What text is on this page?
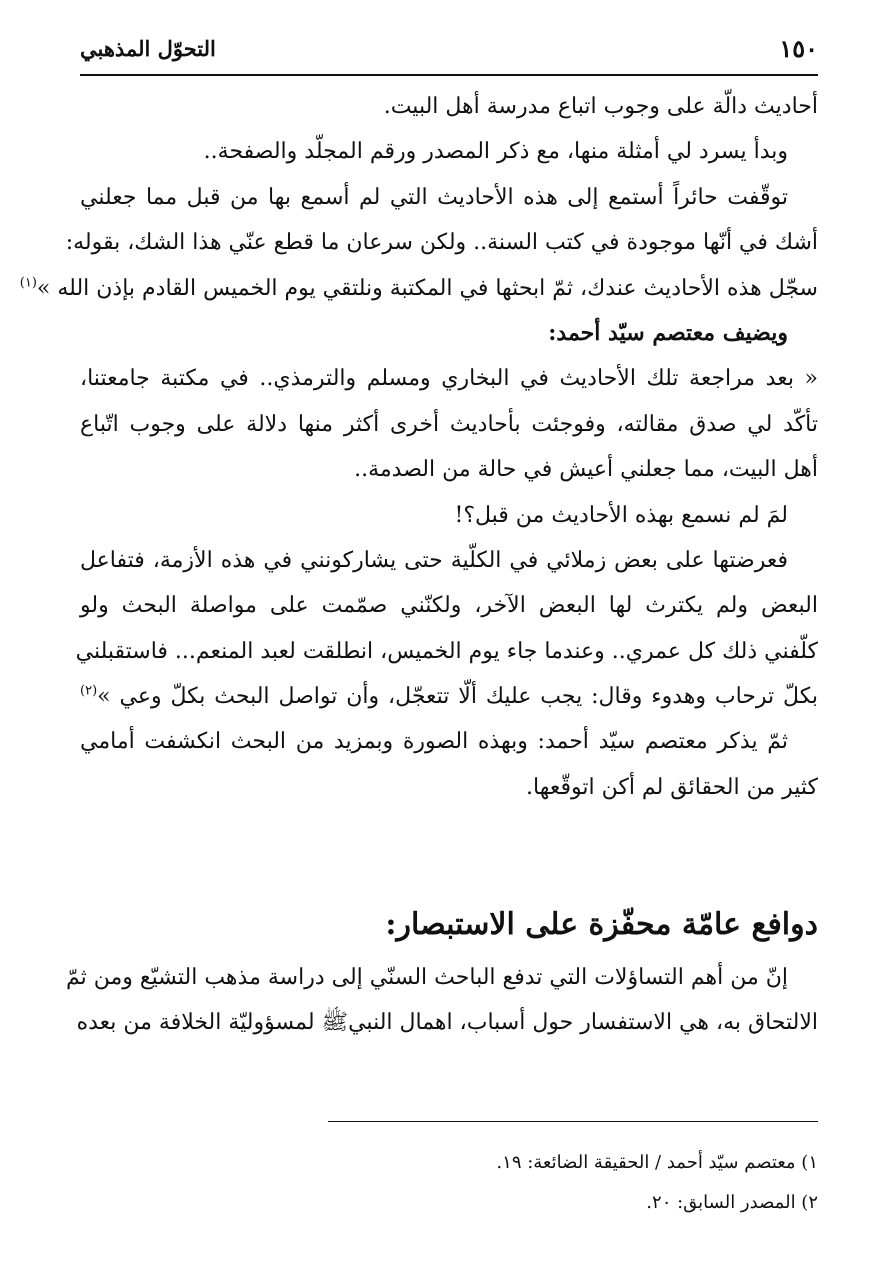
١٥٠
التحوّل المذهبي
أحاديث دالّة على وجوب اتباع مدرسة أهل البيت.
وبدأ يسرد لي أمثلة منها، مع ذكر المصدر ورقم المجلّد والصفحة..
توقّفت حائراً أستمع إلى هذه الأحاديث التي لم أسمع بها من قبل مما جعلني
أشك في أنّها موجودة في كتب السنة.. ولكن سرعان ما قطع عنّي هذا الشك، بقوله:
سجّل هذه الأحاديث عندك، ثمّ ابحثها في المكتبة ونلتقي يوم الخميس القادم بإذن الله »$^{(١)}$
ويضيف معتصم سيّد أحمد:
« بعد مراجعة تلك الأحاديث في البخاري ومسلم والترمذي.. في مكتبة جامعتنا،
تأكّد لي صدق مقالته، وفوجئت بأحاديث أخرى أكثر منها دلالة على وجوب اتّباع
أهل البيت، مما جعلني أعيش في حالة من الصدمة..
لمَ لم نسمع بهذه الأحاديث من قبل؟!
فعرضتها على بعض زملائي في الكلّية حتى يشاركونني في هذه الأزمة، فتفاعل
البعض ولم يكترث لها البعض الآخر، ولكنّني صمّمت على مواصلة البحث ولو
كلّفني ذلك كل عمري.. وعندما جاء يوم الخميس، انطلقت لعبد المنعم... فاستقبلني
بكلّ ترحاب وهدوء وقال: يجب عليك ألّا تتعجّل، وأن تواصل البحث بكلّ وعي »$^{(٢)}$
ثمّ يذكر معتصم سيّد أحمد: وبهذه الصورة وبمزيد من البحث انكشفت أمامي
كثير من الحقائق لم أكن اتوقّعها.
دوافع عامّة محفّزة على الاستبصار:
إنّ من أهم التساؤلات التي تدفع الباحث السنّي إلى دراسة مذهب التشيّع ومن ثمّ
الالتحاق به، هي الاستفسار حول أسباب، اهمال النبيﷺ لمسؤوليّة الخلافة من بعده
١) معتصم سيّد أحمد / الحقيقة الضائعة: ١٩.
٢) المصدر السابق: ٢٠.
